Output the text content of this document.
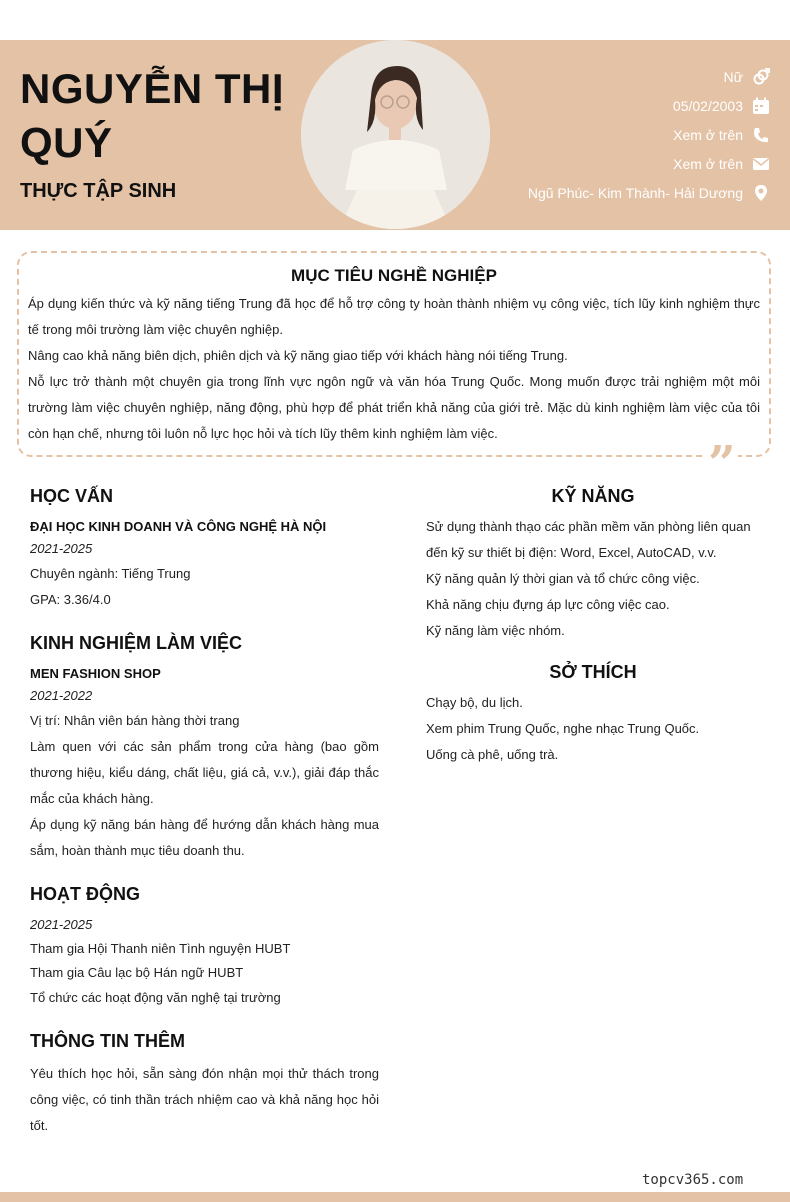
NGUYỄN THỊ
QUÝ
THỰC TẬP SINH
Nữ
05/02/2003
Xem ở trên
Xem ở trên
Ngũ Phúc- Kim Thành- Hải Dương
MỤC TIÊU NGHỀ NGHIỆP

Áp dụng kiến thức và kỹ năng tiếng Trung đã học để hỗ trợ công ty hoàn thành nhiệm vụ công việc, tích lũy kinh nghiệm thực tế trong môi trường làm việc chuyên nghiệp.

Nâng cao khả năng biên dịch, phiên dịch và kỹ năng giao tiếp với khách hàng nói tiếng Trung.

Nỗ lực trở thành một chuyên gia trong lĩnh vực ngôn ngữ và văn hóa Trung Quốc. Mong muốn được trải nghiệm một môi trường làm việc chuyên nghiệp, năng động, phù hợp để phát triển khả năng của giới trẻ. Mặc dù kinh nghiệm làm việc của tôi còn hạn chế, nhưng tôi luôn nỗ lực học hỏi và tích lũy thêm kinh nghiệm làm việc.

”
HỌC VẤN
ĐẠI HỌC KINH DOANH VÀ CÔNG NGHỆ HÀ NỘI
2021-2025

Chuyên ngành: Tiếng Trung

GPA: 3.36/4.0

KINH NGHIỆM LÀM VIỆC
MEN FASHION SHOP
2021-2022

Vị trí: Nhân viên bán hàng thời trang

Làm quen với các sản phẩm trong cửa hàng (bao gồm thương hiệu, kiểu dáng, chất liệu, giá cả, v.v.), giải đáp thắc mắc của khách hàng.

Áp dụng kỹ năng bán hàng để hướng dẫn khách hàng mua sắm, hoàn thành mục tiêu doanh thu.

HOẠT ĐỘNG
2021-2025

Tham gia Hội Thanh niên Tình nguyện HUBT

Tham gia Câu lạc bộ Hán ngữ HUBT

Tổ chức các hoạt động văn nghệ tại trường

THÔNG TIN THÊM

Yêu thích học hỏi, sẵn sàng đón nhận mọi thử thách trong công việc, có tinh thần trách nhiệm cao và khả năng học hỏi tốt.

KỸ NĂNG

Sử dụng thành thạo các phần mềm văn phòng liên quan đến kỹ sư thiết bị điện: Word, Excel, AutoCAD, v.v.

Kỹ năng quản lý thời gian và tổ chức công việc.

Khả năng chịu đựng áp lực công việc cao.

Kỹ năng làm việc nhóm.

SỞ THÍCH

Chạy bộ, du lịch.

Xem phim Trung Quốc, nghe nhạc Trung Quốc.

Uống cà phê, uống trà.

topcv365.com
